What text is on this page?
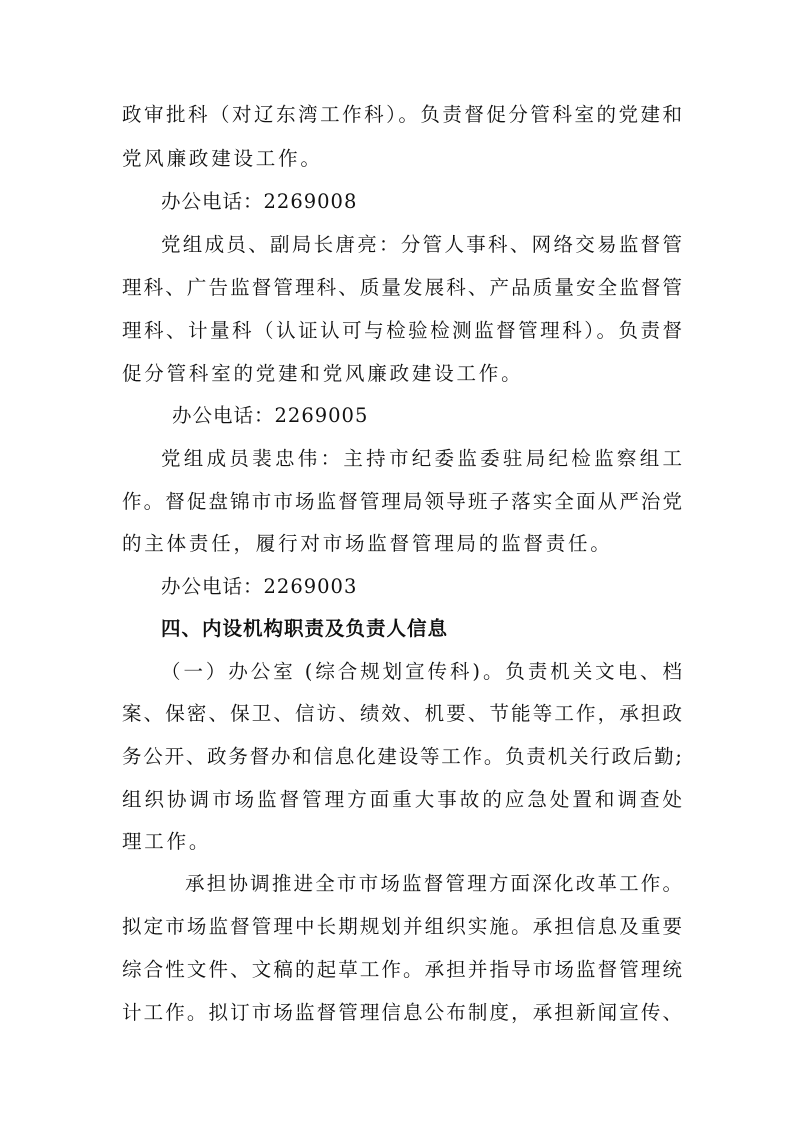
政审批科（对辽东湾工作科）。负责督促分管科室的党建和
党风廉政建设工作。
办公电话：2269008
党组成员、副局长唐亮：分管人事科、网络交易监督管
理科、广告监督管理科、质量发展科、产品质量安全监督管
理科、计量科（认证认可与检验检测监督管理科）。负责督
促分管科室的党建和党风廉政建设工作。
办公电话：2269005
党组成员裴忠伟：主持市纪委监委驻局纪检监察组工
作。督促盘锦市市场监督管理局领导班子落实全面从严治党
的主体责任，履行对市场监督管理局的监督责任。
办公电话：2269003
四、内设机构职责及负责人信息
（一）办公室 (综合规划宣传科)。负责机关文电、档
案、保密、保卫、信访、绩效、机要、节能等工作，承担政
务公开、政务督办和信息化建设等工作。负责机关行政后勤;
组织协调市场监督管理方面重大事故的应急处置和调查处
理工作。
承担协调推进全市市场监督管理方面深化改革工作。
拟定市场监督管理中长期规划并组织实施。承担信息及重要
综合性文件、文稿的起草工作。承担并指导市场监督管理统
计工作。拟订市场监督管理信息公布制度，承担新闻宣传、
